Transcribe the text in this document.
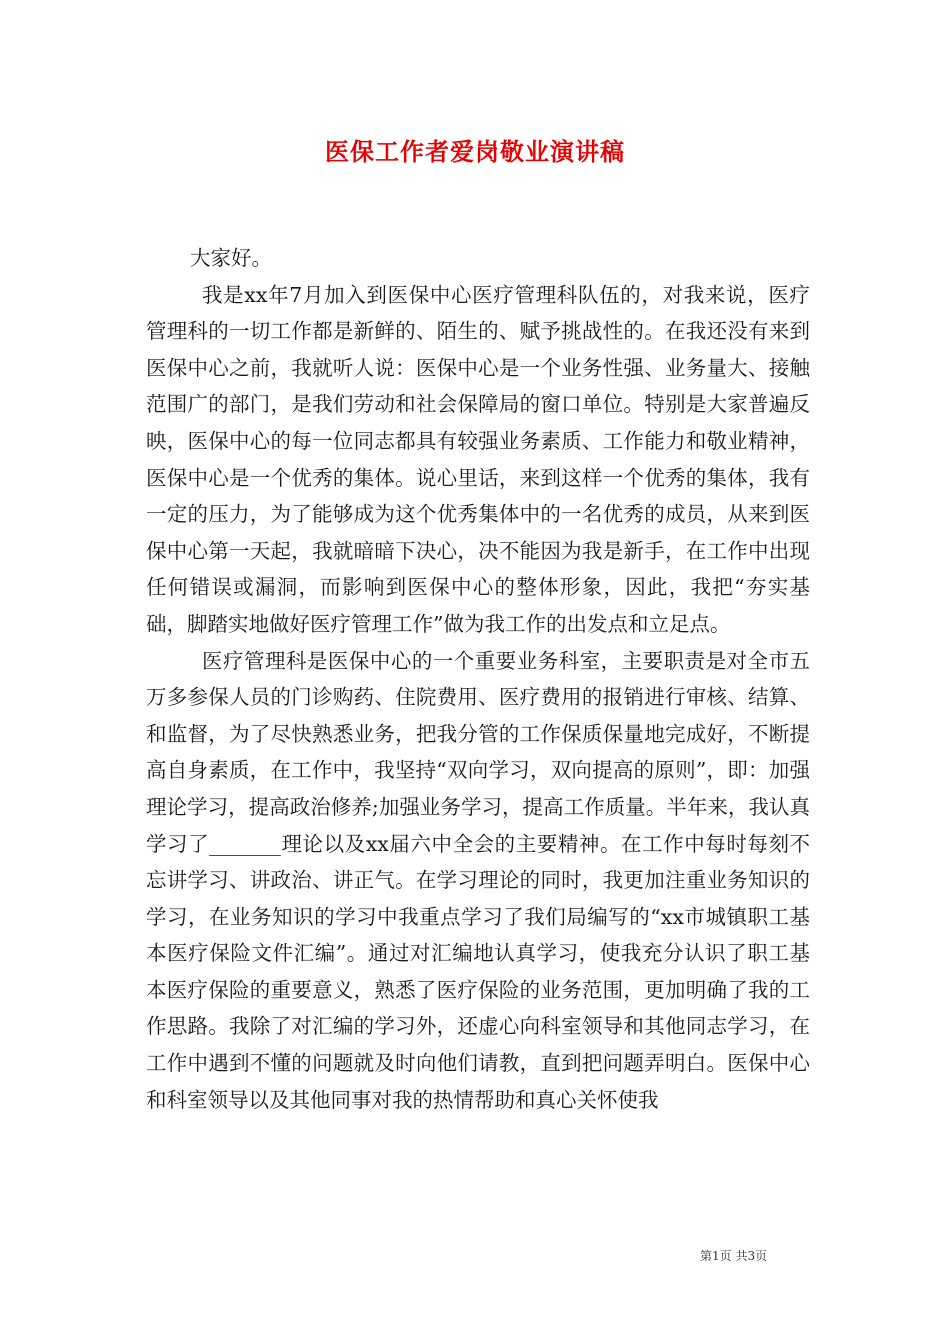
医保工作者爱岗敬业演讲稿

大家好。

我是xx年7月加入到医保中心医疗管理科队伍的，对我来说，医疗管理科的一切工作都是新鲜的、陌生的、赋予挑战性的。在我还没有来到医保中心之前，我就听人说：医保中心是一个业务性强、业务量大、接触范围广的部门，是我们劳动和社会保障局的窗口单位。特别是大家普遍反映，医保中心的每一位同志都具有较强业务素质、工作能力和敬业精神，医保中心是一个优秀的集体。说心里话，来到这样一个优秀的集体，我有一定的压力，为了能够成为这个优秀集体中的一名优秀的成员，从来到医保中心第一天起，我就暗暗下决心，决不能因为我是新手，在工作中出现任何错误或漏洞，而影响到医保中心的整体形象，因此，我把“夯实基础，脚踏实地做好医疗管理工作”做为我工作的出发点和立足点。

医疗管理科是医保中心的一个重要业务科室，主要职责是对全市五万多参保人员的门诊购药、住院费用、医疗费用的报销进行审核、结算、和监督，为了尽快熟悉业务，把我分管的工作保质保量地完成好，不断提高自身素质，在工作中，我坚持“双向学习，双向提高的原则”，即：加强理论学习，提高政治修养;加强业务学习，提高工作质量。半年来，我认真学习了_______理论以及xx届六中全会的主要精神。在工作中每时每刻不忘讲学习、讲政治、讲正气。在学习理论的同时，我更加注重业务知识的学习，在业务知识的学习中我重点学习了我们局编写的“xx市城镇职工基本医疗保险文件汇编”。通过对汇编地认真学习，使我充分认识了职工基本医疗保险的重要意义，熟悉了医疗保险的业务范围，更加明确了我的工作思路。我除了对汇编的学习外，还虚心向科室领导和其他同志学习，在工作中遇到不懂的问题就及时向他们请教，直到把问题弄明白。医保中心和科室领导以及其他同事对我的热情帮助和真心关怀使我

第1页 共3页
